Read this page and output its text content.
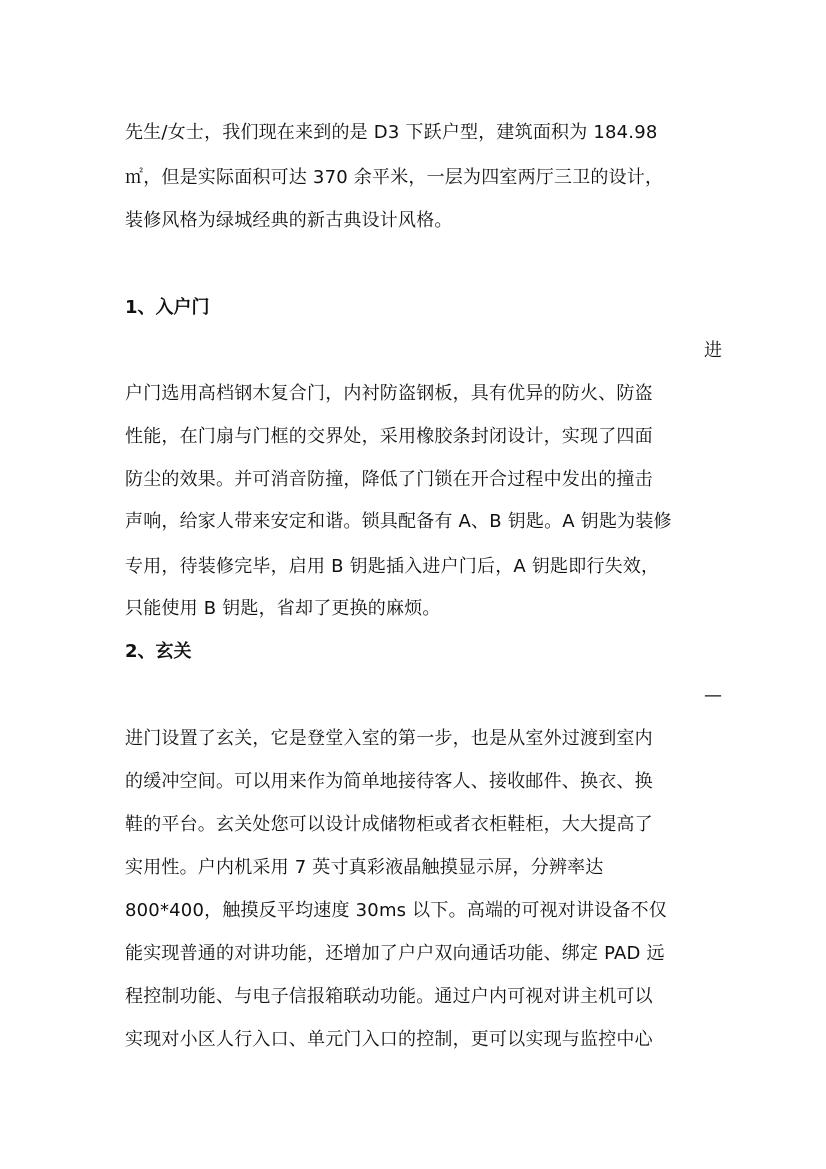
先生/女士，我们现在来到的是 D3 下跃户型，建筑面积为 184.98
㎡，但是实际面积可达 370 余平米，一层为四室两厅三卫的设计，
装修风格为绿城经典的新古典设计风格。
1、入户门
进
户门选用高档钢木复合门，内衬防盗钢板，具有优异的防火、防盗
性能，在门扇与门框的交界处，采用橡胶条封闭设计，实现了四面
防尘的效果。并可消音防撞，降低了门锁在开合过程中发出的撞击
声响，给家人带来安定和谐。锁具配备有 A、B 钥匙。A 钥匙为装修
专用，待装修完毕，启用 B 钥匙插入进户门后，A 钥匙即行失效，
只能使用 B 钥匙，省却了更换的麻烦。
2、玄关
—
进门设置了玄关，它是登堂入室的第一步，也是从室外过渡到室内
的缓冲空间。可以用来作为简单地接待客人、接收邮件、换衣、换
鞋的平台。玄关处您可以设计成储物柜或者衣柜鞋柜，大大提高了
实用性。户内机采用 7 英寸真彩液晶触摸显示屏，分辨率达
800*400，触摸反平均速度 30ms 以下。高端的可视对讲设备不仅
能实现普通的对讲功能，还增加了户户双向通话功能、绑定 PAD 远
程控制功能、与电子信报箱联动功能。通过户内可视对讲主机可以
实现对小区人行入口、单元门入口的控制，更可以实现与监控中心
